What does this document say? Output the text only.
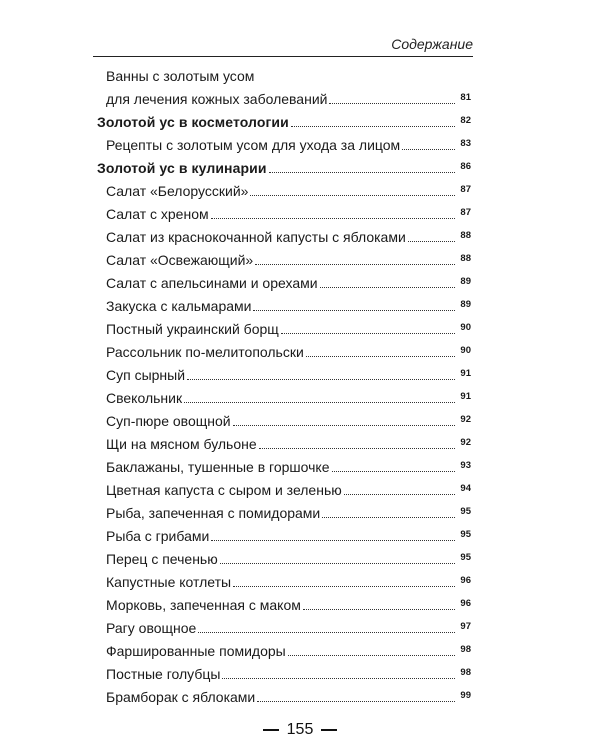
Содержание
Ванны с золотым усом
для лечения кожных заболеваний	81
Золотой ус в косметологии	82
Рецепты с золотым усом для ухода за лицом	83
Золотой ус в кулинарии	86
Салат «Белорусский»	87
Салат с хреном	87
Салат из краснокочанной капусты с яблоками	88
Салат «Освежающий»	88
Салат с апельсинами и орехами	89
Закуска с кальмарами	89
Постный украинский борщ	90
Рассольник по-мелитопольски	90
Суп сырный	91
Свекольник	91
Суп-пюре овощной	92
Щи на мясном бульоне	92
Баклажаны, тушенные в горшочке	93
Цветная капуста с сыром и зеленью	94
Рыба, запеченная с помидорами	95
Рыба с грибами	95
Перец с печенью	95
Капустные котлеты	96
Морковь, запеченная с маком	96
Рагу овощное	97
Фаршированные помидоры	98
Постные голубцы	98
Брамборак с яблоками	99
155
